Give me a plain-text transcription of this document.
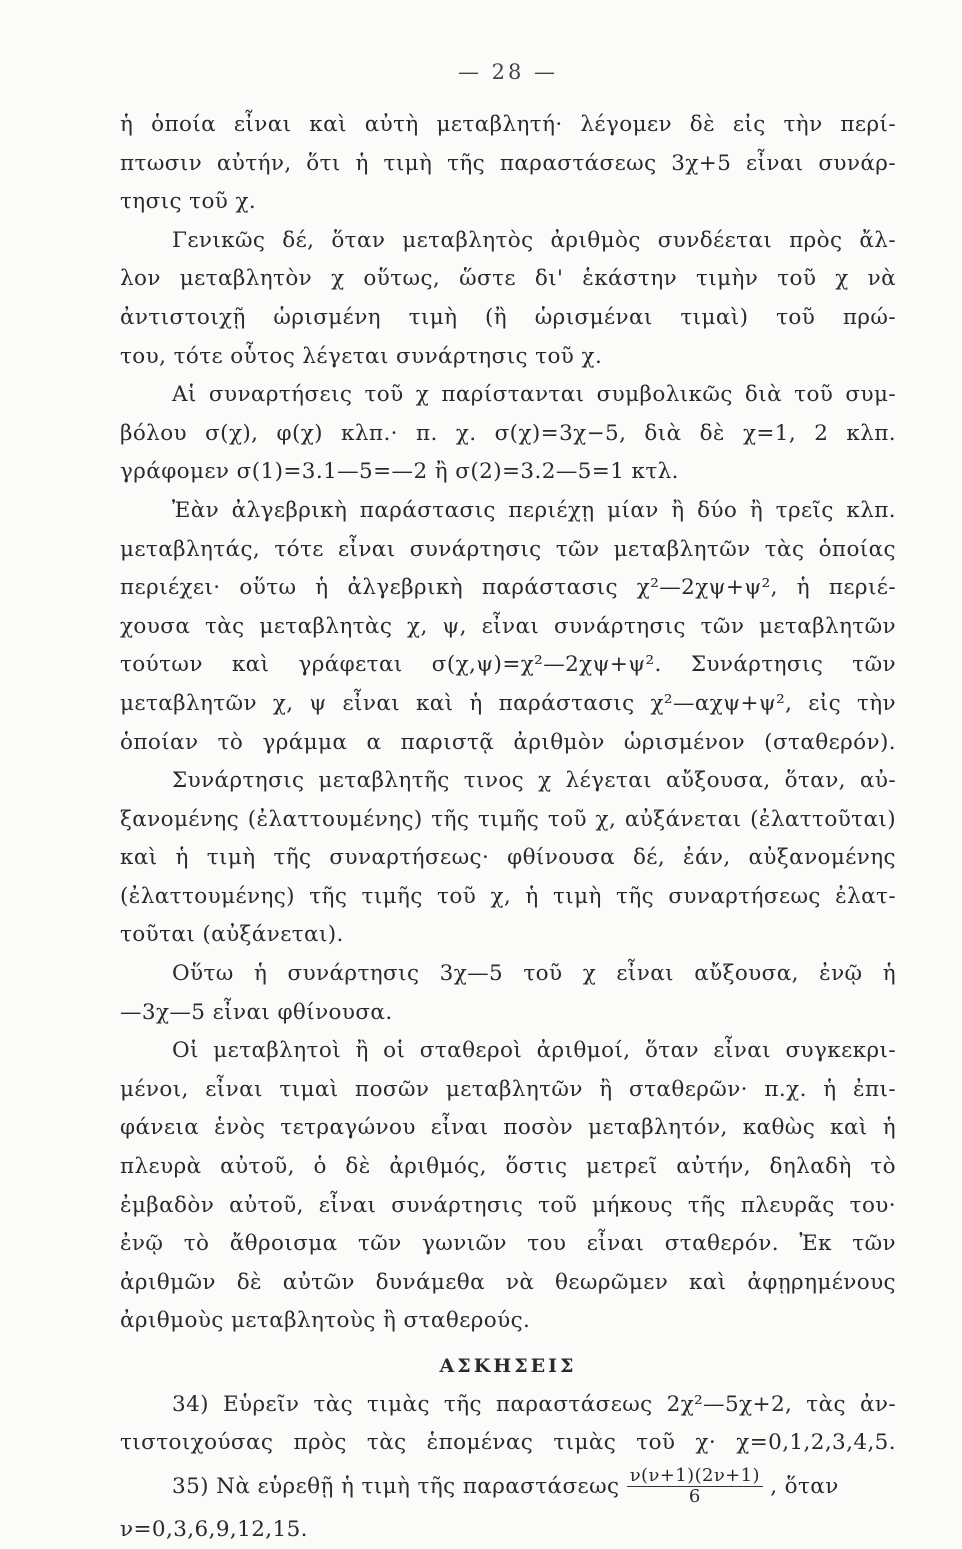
— 28 —
ἡ ὁποία εἶναι καὶ αὐτὴ μεταβλητή· λέγομεν δὲ εἰς τὴν περί-
πτωσιν αὐτήν, ὅτι ἡ τιμὴ τῆς παραστάσεως 3χ+5 εἶναι συνάρ-
τησις τοῦ χ.
Γενικῶς δέ, ὅταν μεταβλητὸς ἀριθμὸς συνδέεται πρὸς ἄλ-
λον μεταβλητὸν χ οὕτως, ὥστε δι' ἑκάστην τιμὴν τοῦ χ νὰ
ἀντιστοιχῇ ὡρισμένη τιμὴ (ἢ ὡρισμέναι τιμαὶ) τοῦ πρώ-
του, τότε οὗτος λέγεται συνάρτησις τοῦ χ.
Αἱ συναρτήσεις τοῦ χ παρίστανται συμβολικῶς διὰ τοῦ συμ-
βόλου σ(χ), φ(χ) κλπ.· π. χ. σ(χ)=3χ−5, διὰ δὲ χ=1, 2 κλπ.
γράφομεν σ(1)=3.1—5=—2 ἢ σ(2)=3.2—5=1 κτλ.
Ἐὰν ἀλγεβρικὴ παράστασις περιέχῃ μίαν ἢ δύο ἢ τρεῖς κλπ.
μεταβλητάς, τότε εἶναι συνάρτησις τῶν μεταβλητῶν τὰς ὁποίας
περιέχει· οὕτω ἡ ἀλγεβρικὴ παράστασις χ²—2χψ+ψ², ἡ περιέ-
χουσα τὰς μεταβλητὰς χ, ψ, εἶναι συνάρτησις τῶν μεταβλητῶν
τούτων καὶ γράφεται σ(χ,ψ)=χ²—2χψ+ψ². Συνάρτησις τῶν
μεταβλητῶν χ, ψ εἶναι καὶ ἡ παράστασις χ²—αχψ+ψ², εἰς τὴν
ὁποίαν τὸ γράμμα α παριστᾷ ἀριθμὸν ὡρισμένον (σταθερόν).
Συνάρτησις μεταβλητῆς τινος χ λέγεται αὔξουσα, ὅταν, αὐ-
ξανομένης (ἐλαττουμένης) τῆς τιμῆς τοῦ χ, αὐξάνεται (ἐλαττοῦται)
καὶ ἡ τιμὴ τῆς συναρτήσεως· φθίνουσα δέ, ἐάν, αὐξανομένης
(ἐλαττουμένης) τῆς τιμῆς τοῦ χ, ἡ τιμὴ τῆς συναρτήσεως ἐλατ-
τοῦται (αὐξάνεται).
Οὕτω ἡ συνάρτησις 3χ—5 τοῦ χ εἶναι αὔξουσα, ἐνῷ ἡ
—3χ—5 εἶναι φθίνουσα.
Οἱ μεταβλητοὶ ἢ οἱ σταθεροὶ ἀριθμοί, ὅταν εἶναι συγκεκρι-
μένοι, εἶναι τιμαὶ ποσῶν μεταβλητῶν ἢ σταθερῶν· π.χ. ἡ ἐπι-
φάνεια ἑνὸς τετραγώνου εἶναι ποσὸν μεταβλητόν, καθὼς καὶ ἡ
πλευρὰ αὐτοῦ, ὁ δὲ ἀριθμός, ὅστις μετρεῖ αὐτήν, δηλαδὴ τὸ
ἐμβαδὸν αὐτοῦ, εἶναι συνάρτησις τοῦ μήκους τῆς πλευρᾶς του·
ἐνῷ τὸ ἄθροισμα τῶν γωνιῶν του εἶναι σταθερόν. Ἐκ τῶν
ἀριθμῶν δὲ αὐτῶν δυνάμεθα νὰ θεωρῶμεν καὶ ἀφῃρημένους
ἀριθμοὺς μεταβλητοὺς ἢ σταθερούς.
ΑΣΚΗΣΕΙΣ
34) Εὑρεῖν τὰς τιμὰς τῆς παραστάσεως 2χ²—5χ+2, τὰς ἀν-
τιστοιχούσας πρὸς τὰς ἑπομένας τιμὰς τοῦ χ· χ=0,1,2,3,4,5.
35) Νὰ εὑρεθῇ ἡ τιμὴ τῆς παραστάσεως $\frac{\nu(\nu+1)(2\nu+1)}{6}$ , ὅταν
ν=0,3,6,9,12,15.
